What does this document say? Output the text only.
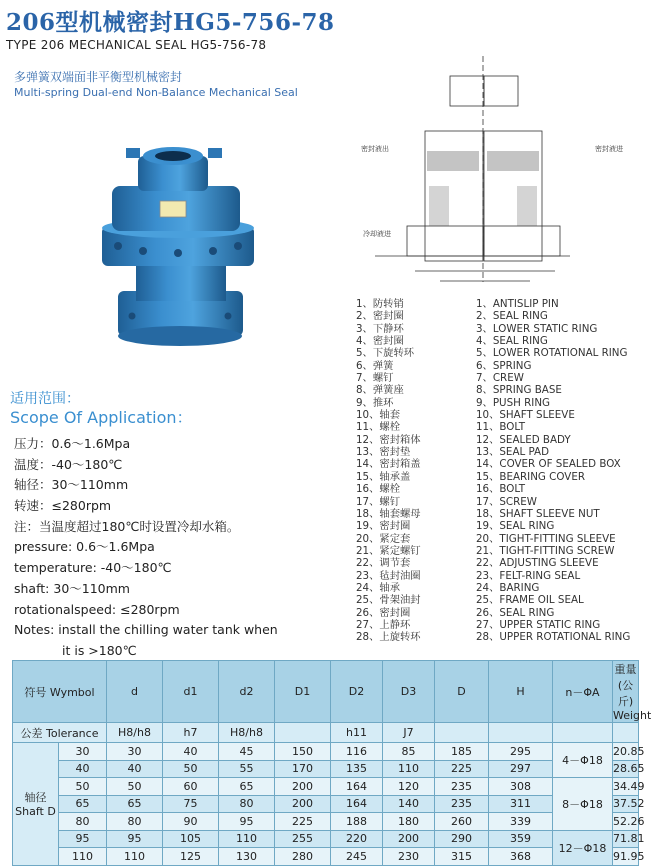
206型机械密封HG5-756-78
TYPE 206 MECHANICAL SEAL HG5-756-78
多弹簧双端面非平衡型机械密封
Multi-spring Dual-end Non-Balance Mechanical Seal
密封液出	密封液进
冷却液进
适用范围：
Scope Of Application：
压力：0.6～1.6Mpa
温度：-40～180℃
轴径：30～110mm
转速：≤280rpm
注：当温度超过180℃时设置冷却水箱。
pressure: 0.6～1.6Mpa
temperature: -40～180℃
shaft: 30～110mm
rotationalspeed: ≤280rpm
Notes: install the chilling water tank when
it is >180℃
1、防转销
2、密封圈
3、下静环
4、密封圈
5、下旋转环
6、弹簧
7、螺钉
8、弹簧座
9、推环
10、轴套
11、螺栓
12、密封箱体
13、密封垫
14、密封箱盖
15、轴承盖
16、螺栓
17、螺钉
18、轴套螺母
19、密封圈
20、紧定套
21、紧定螺钉
22、调节套
23、毡封油圈
24、轴承
25、骨架油封
26、密封圈
27、上静环
28、上旋转环
1、ANTISLIP PIN
2、SEAL RING
3、LOWER STATIC RING
4、SEAL RING
5、LOWER ROTATIONAL RING
6、SPRING
7、CREW
8、SPRING BASE
9、PUSH RING
10、SHAFT SLEEVE
11、BOLT
12、SEALED BADY
13、SEAL PAD
14、COVER OF SEALED BOX
15、BEARING COVER
16、BOLT
17、SCREW
18、SHAFT SLEEVE NUT
19、SEAL RING
20、TIGHT-FITTING SLEEVE
21、TIGHT-FITTING SCREW
22、ADJUSTING SLEEVE
23、FELT-RING SEAL
24、BARING
25、FRAME OIL SEAL
26、SEAL RING
27、UPPER STATIC RING
28、UPPER ROTATIONAL RING
符号 Wymbol		d	d1	d2	D1	D2	D3	D	H	n－ΦA	重量(公斤) Weight
公差 Tolerance		H8/h8	h7	H8/h8		h11	J7				
轴径 Shaft D	30	30	40	45	150	116	85	185	295	4－Φ18	20.85
	40	40	50	55	170	135	110	225	297		28.65
	50	50	60	65	200	164	120	235	308	8－Φ18	34.49
	65	65	75	80	200	164	140	235	311		37.52
	80	80	90	95	225	188	180	260	339		52.26
	95	95	105	110	255	220	200	290	359	12－Φ18	71.81
	110	110	125	130	280	245	230	315	368		91.95
